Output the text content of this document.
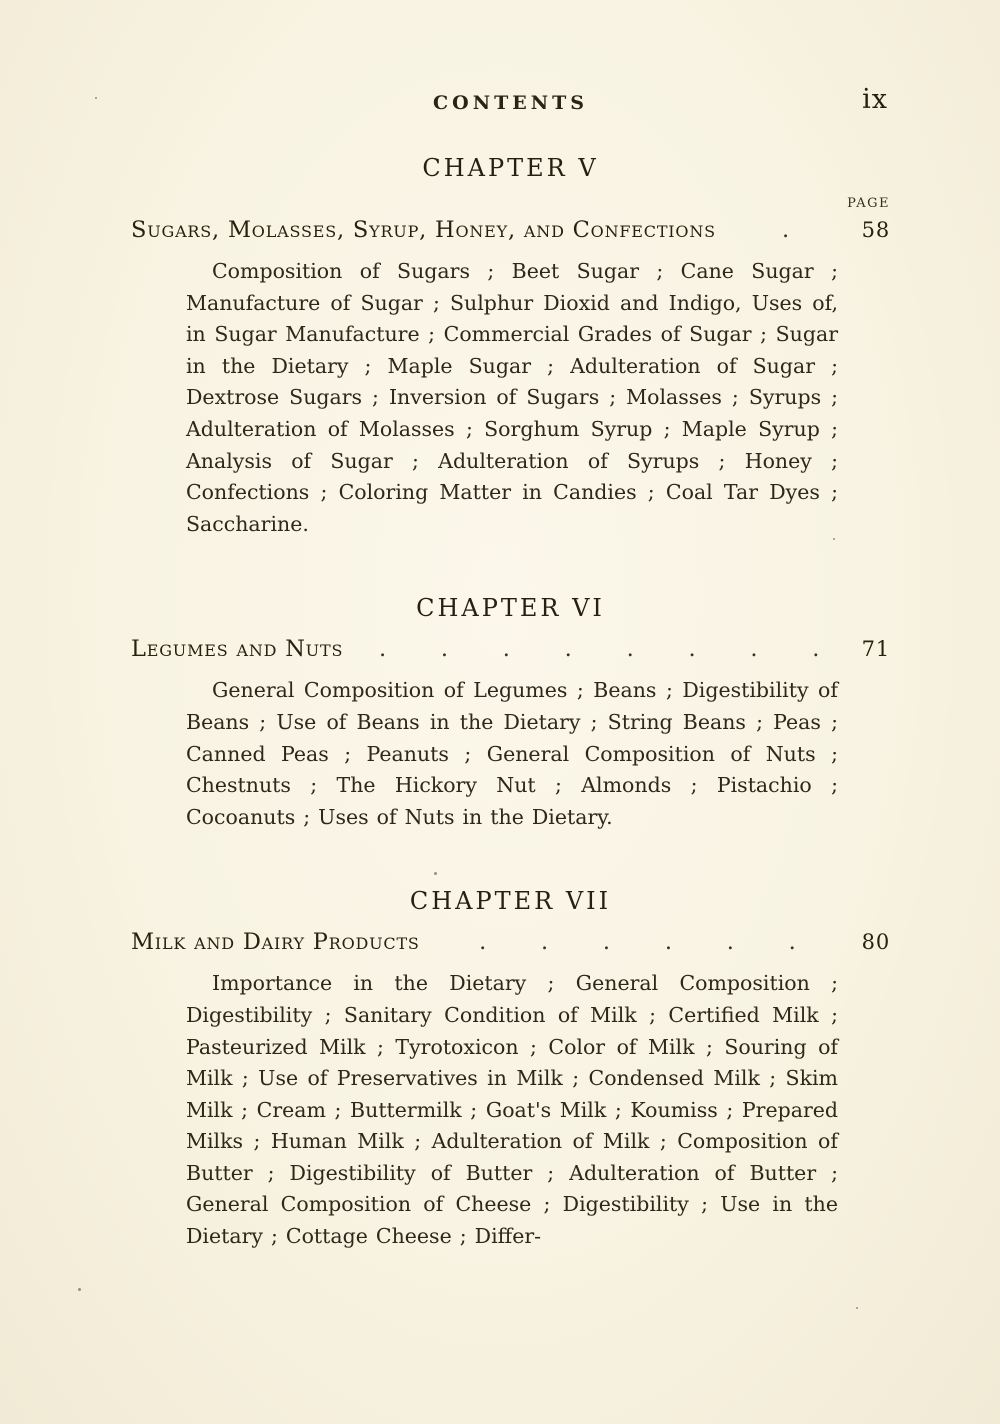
CONTENTS	ix
CHAPTER V
PAGE
Sugars, Molasses, Syrup, Honey, and Confections	.	58

Composition of Sugars ; Beet Sugar ; Cane Sugar ; Manufacture of Sugar ; Sulphur Dioxid and Indigo, Uses of, in Sugar Manufacture ; Commercial Grades of Sugar ; Sugar in the Dietary ; Maple Sugar ; Adulteration of Sugar ; Dextrose Sugars ; Inversion of Sugars ; Molasses ; Syrups ; Adulteration of Molasses ; Sorghum Syrup ; Maple Syrup ; Analysis of Sugar ; Adulteration of Syrups ; Honey ; Confections ; Coloring Matter in Candies ; Coal Tar Dyes ; Saccharine.

CHAPTER VI
Legumes and Nuts	. . . . . . . .	71

General Composition of Legumes ; Beans ; Digestibility of Beans ; Use of Beans in the Dietary ; String Beans ; Peas ; Canned Peas ; Peanuts ; General Composition of Nuts ; Chestnuts ; The Hickory Nut ; Almonds ; Pistachio ; Cocoanuts ; Uses of Nuts in the Dietary.

CHAPTER VII
Milk and Dairy Products	. . . . . .	80

Importance in the Dietary ; General Composition ; Digestibility ; Sanitary Condition of Milk ; Certified Milk ; Pasteurized Milk ; Tyrotoxicon ; Color of Milk ; Souring of Milk ; Use of Preservatives in Milk ; Condensed Milk ; Skim Milk ; Cream ; Buttermilk ; Goat's Milk ; Koumiss ; Prepared Milks ; Human Milk ; Adulteration of Milk ; Composition of Butter ; Digestibility of Butter ; Adulteration of Butter ; General Composition of Cheese ; Digestibility ; Use in the Dietary ; Cottage Cheese ; Differ-
